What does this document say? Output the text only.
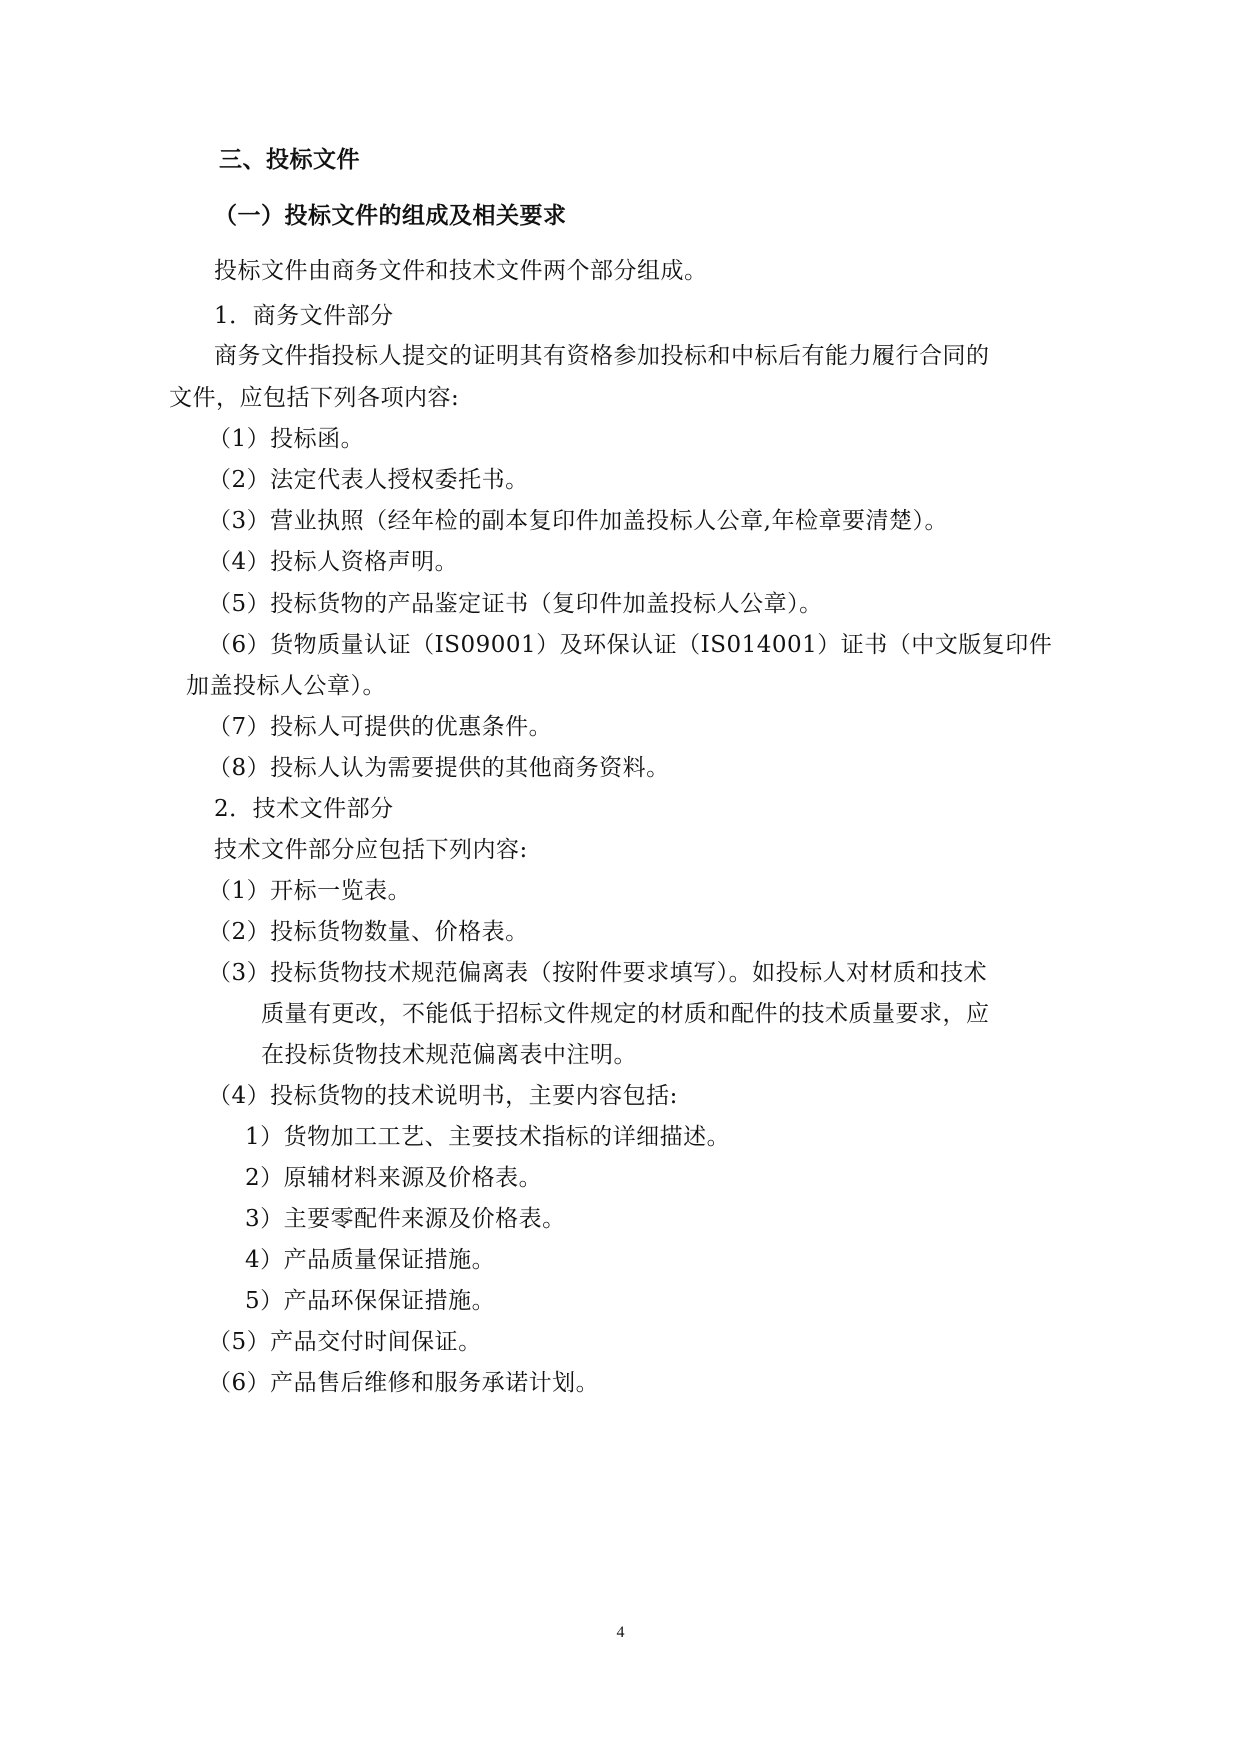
三、投标文件
（一）投标文件的组成及相关要求
投标文件由商务文件和技术文件两个部分组成。
1．商务文件部分
商务文件指投标人提交的证明其有资格参加投标和中标后有能力履行合同的
文件，应包括下列各项内容:
（1）投标函。
（2）法定代表人授权委托书。
（3）营业执照（经年检的副本复印件加盖投标人公章,年检章要清楚）。
（4）投标人资格声明。
（5）投标货物的产品鉴定证书（复印件加盖投标人公章）。
（6）货物质量认证（IS09001）及环保认证（IS014001）证书（中文版复印件
加盖投标人公章）。
（7）投标人可提供的优惠条件。
（8）投标人认为需要提供的其他商务资料。
2．技术文件部分
技术文件部分应包括下列内容:
（1）开标一览表。
（2）投标货物数量、价格表。
（3）投标货物技术规范偏离表（按附件要求填写）。如投标人对材质和技术
质量有更改，不能低于招标文件规定的材质和配件的技术质量要求，应
在投标货物技术规范偏离表中注明。
（4）投标货物的技术说明书，主要内容包括:
1）货物加工工艺、主要技术指标的详细描述。
2）原辅材料来源及价格表。
3）主要零配件来源及价格表。
4）产品质量保证措施。
5）产品环保保证措施。
（5）产品交付时间保证。
（6）产品售后维修和服务承诺计划。
4
